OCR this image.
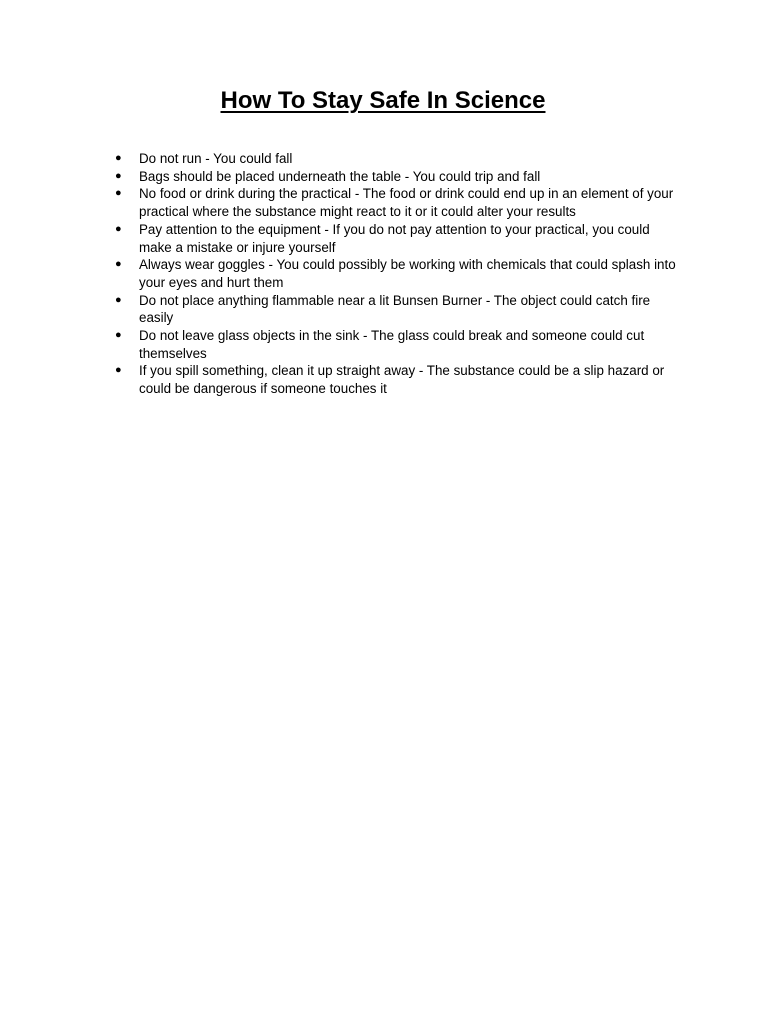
How To Stay Safe In Science
●	Do not run - You could fall
●	Bags should be placed underneath the table - You could trip and fall
●	No food or drink during the practical - The food or drink could end up in an element of your practical where the substance might react to it or it could alter your results
●	Pay attention to the equipment - If you do not pay attention to your practical, you could make a mistake or injure yourself
●	Always wear goggles - You could possibly be working with chemicals that could splash into your eyes and hurt them
●	Do not place anything flammable near a lit Bunsen Burner - The object could catch fire easily
●	Do not leave glass objects in the sink - The glass could break and someone could cut themselves
●	If you spill something, clean it up straight away - The substance could be a slip hazard or could be dangerous if someone touches it
